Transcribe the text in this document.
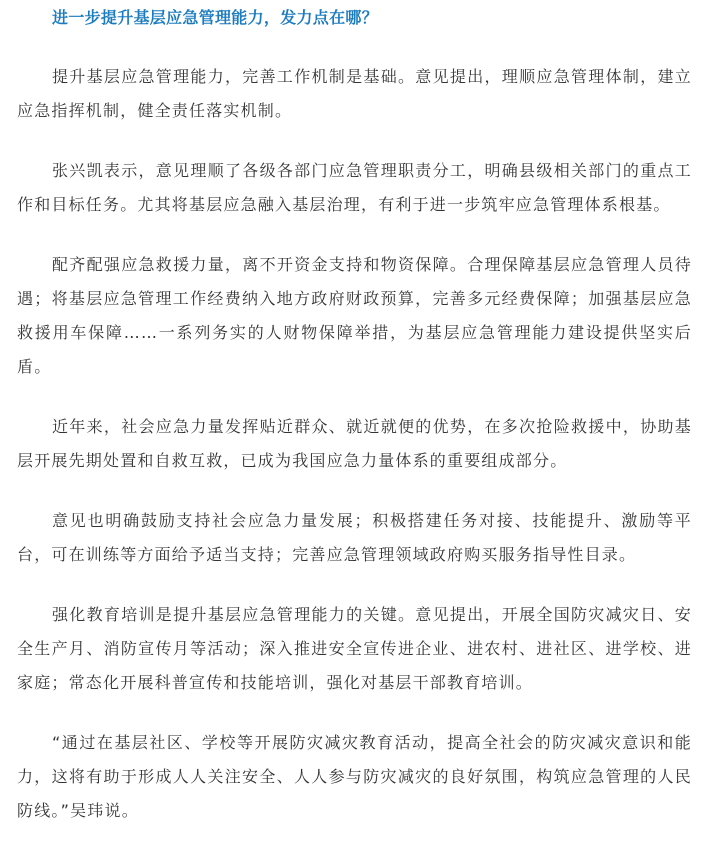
进一步提升基层应急管理能力，发力点在哪？

提升基层应急管理能力，完善工作机制是基础。意见提出，理顺应急管理体制，建立应急指挥机制，健全责任落实机制。

张兴凯表示，意见理顺了各级各部门应急管理职责分工，明确县级相关部门的重点工作和目标任务。尤其将基层应急融入基层治理，有利于进一步筑牢应急管理体系根基。

配齐配强应急救援力量，离不开资金支持和物资保障。合理保障基层应急管理人员待遇；将基层应急管理工作经费纳入地方政府财政预算，完善多元经费保障；加强基层应急救援用车保障……一系列务实的人财物保障举措，为基层应急管理能力建设提供坚实后盾。

近年来，社会应急力量发挥贴近群众、就近就便的优势，在多次抢险救援中，协助基层开展先期处置和自救互救，已成为我国应急力量体系的重要组成部分。

意见也明确鼓励支持社会应急力量发展；积极搭建任务对接、技能提升、激励等平台，可在训练等方面给予适当支持；完善应急管理领域政府购买服务指导性目录。

强化教育培训是提升基层应急管理能力的关键。意见提出，开展全国防灾减灾日、安全生产月、消防宣传月等活动；深入推进安全宣传进企业、进农村、进社区、进学校、进家庭；常态化开展科普宣传和技能培训，强化对基层干部教育培训。

“通过在基层社区、学校等开展防灾减灾教育活动，提高全社会的防灾减灾意识和能力，这将有助于形成人人关注安全、人人参与防灾减灾的良好氛围，构筑应急管理的人民防线。”吴玮说。
